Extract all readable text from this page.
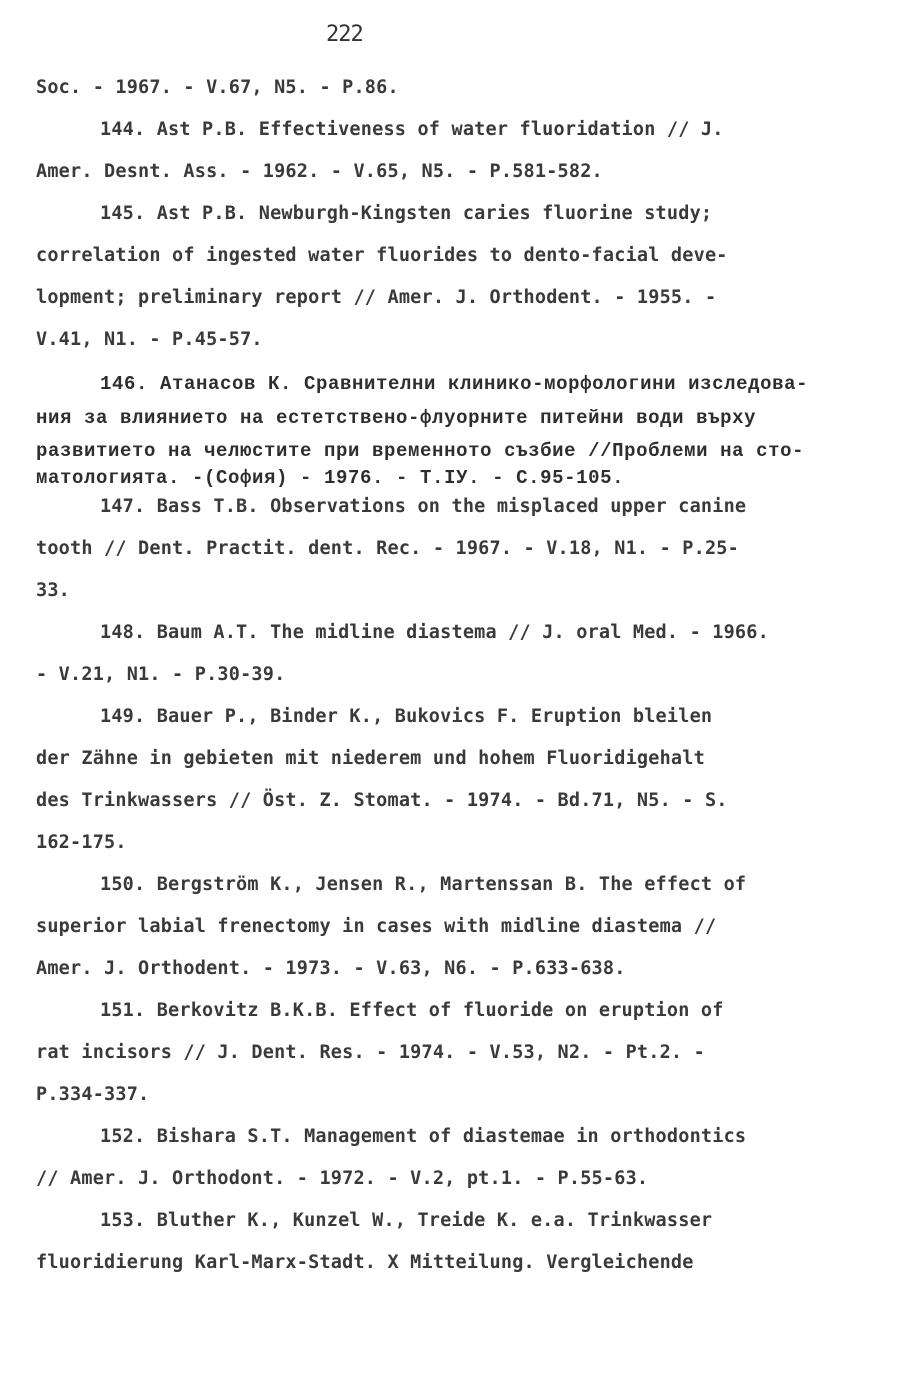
222
Soc. - 1967. - V.67, N5. - P.86.
144. Ast P.B. Effectiveness of water fluoridation // J.
Amer. Desnt. Ass. - 1962. - V.65, N5. - P.581-582.
145. Ast P.B. Newburgh-Kingsten caries fluorine study;
correlation of ingested water fluorides to dento-facial deve-
lopment; preliminary report // Amer. J. Orthodent. - 1955. -
V.41, N1. - P.45-57.
146. Атанасов К. Сравнителни клинико-морфологини изследова-
ния за влиянието на естетствено-флуорните питейни води върху
развитието на челюстите при временното съзбие //Проблеми на сто-
матологията. -(София) - 1976. - Т.IУ. - С.95-105.
147. Bass T.B. Observations on the misplaced upper canine
tooth // Dent. Practit. dent. Rec. - 1967. - V.18, N1. - P.25-
33.
148. Baum A.T. The midline diastema // J. oral Med. - 1966.
- V.21, N1. - P.30-39.
149. Bauer P., Binder K., Bukovics F. Eruption bleilen
der Zähne in gebieten mit niederem und hohem Fluoridigehalt
des Trinkwassers // Öst. Z. Stomat. - 1974. - Bd.71, N5. - S.
162-175.
150. Bergström K., Jensen R., Martenssan B. The effect of
superior labial frenectomy in cases with midline diastema //
Amer. J. Orthodent. - 1973. - V.63, N6. - P.633-638.
151. Berkovitz B.K.B. Effect of fluoride on eruption of
rat incisors // J. Dent. Res. - 1974. - V.53, N2. - Pt.2. -
P.334-337.
152. Bishara S.T. Management of diastemae in orthodontics
// Amer. J. Orthodont. - 1972. - V.2, pt.1. - P.55-63.
153. Bluther K., Kunzel W., Treide K. e.a. Trinkwasser
fluoridierung Karl-Marx-Stadt. X Mitteilung. Vergleichende
